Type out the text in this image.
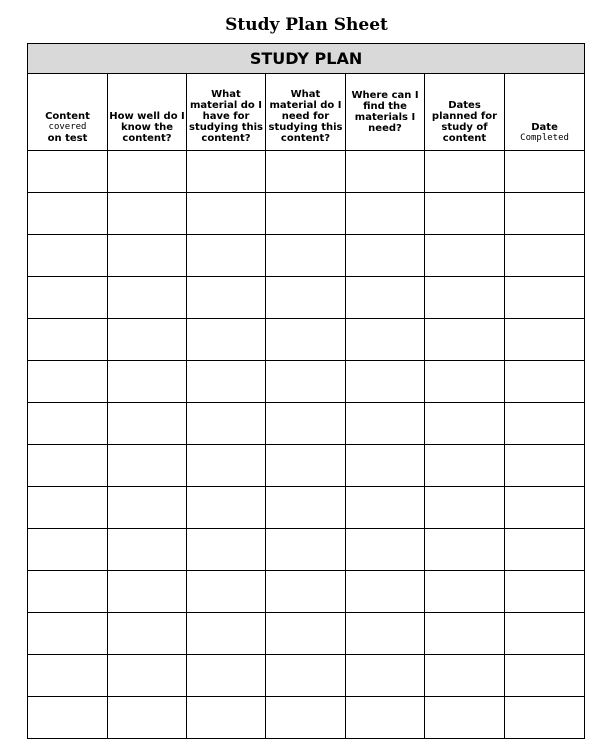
Study Plan Sheet
STUDY PLAN						

Content
covered
on test	How well do I know the content?	What material do I have for studying this content?	What material do I need for studying this content?	Where can I find the materials I need?	Dates planned for study of content	Date
Completed
